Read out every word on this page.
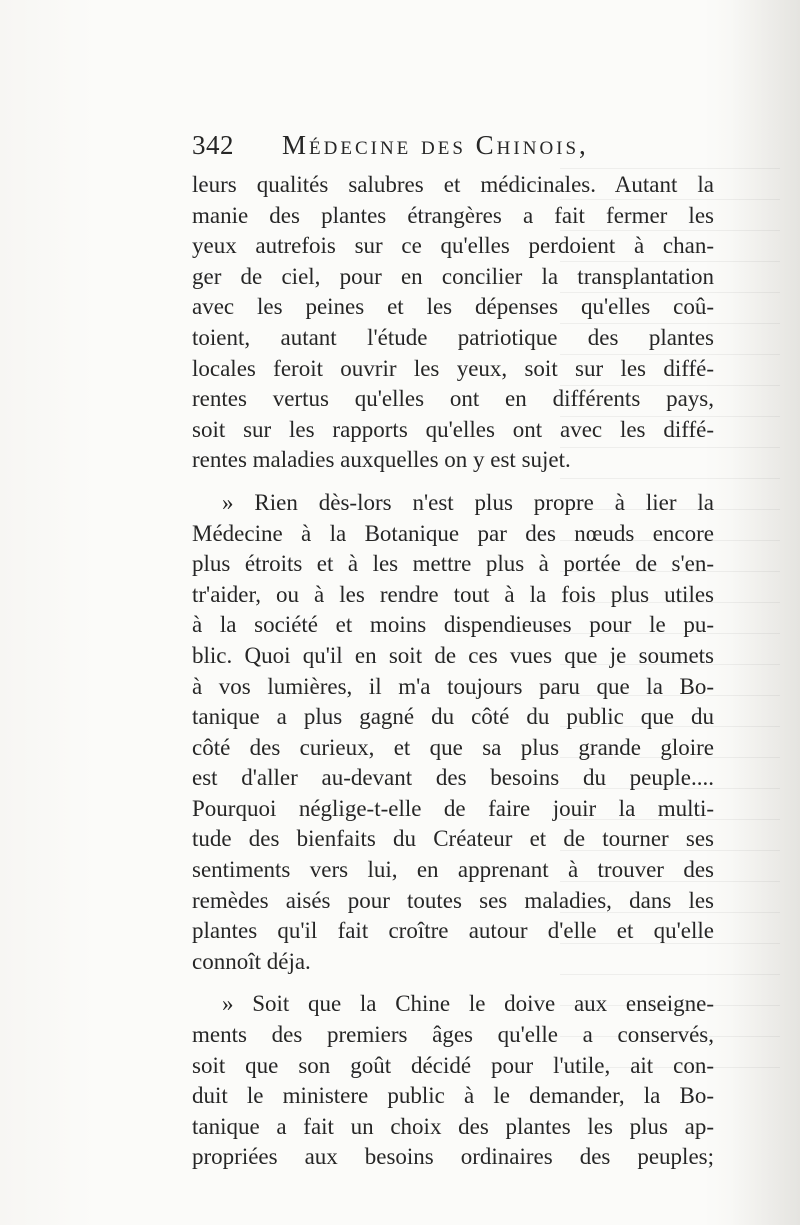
342	Médecine des Chinois,
leurs qualités salubres et médicinales. Autant la
manie des plantes étrangères a fait fermer les
yeux autrefois sur ce qu'elles perdoient à chan-
ger de ciel, pour en concilier la transplantation
avec les peines et les dépenses qu'elles coû-
toient, autant l'étude patriotique des plantes
locales feroit ouvrir les yeux, soit sur les diffé-
rentes vertus qu'elles ont en différents pays,
soit sur les rapports qu'elles ont avec les diffé-
rentes maladies auxquelles on y est sujet.
» Rien dès-lors n'est plus propre à lier la
Médecine à la Botanique par des nœuds encore
plus étroits et à les mettre plus à portée de s'en-
tr'aider, ou à les rendre tout à la fois plus utiles
à la société et moins dispendieuses pour le pu-
blic. Quoi qu'il en soit de ces vues que je soumets
à vos lumières, il m'a toujours paru que la Bo-
tanique a plus gagné du côté du public que du
côté des curieux, et que sa plus grande gloire
est d'aller au-devant des besoins du peuple....
Pourquoi néglige-t-elle de faire jouir la multi-
tude des bienfaits du Créateur et de tourner ses
sentiments vers lui, en apprenant à trouver des
remèdes aisés pour toutes ses maladies, dans les
plantes qu'il fait croître autour d'elle et qu'elle
connoît déja.
» Soit que la Chine le doive aux enseigne-
ments des premiers âges qu'elle a conservés,
soit que son goût décidé pour l'utile, ait con-
duit le ministere public à le demander, la Bo-
tanique a fait un choix des plantes les plus ap-
propriées aux besoins ordinaires des peuples;
